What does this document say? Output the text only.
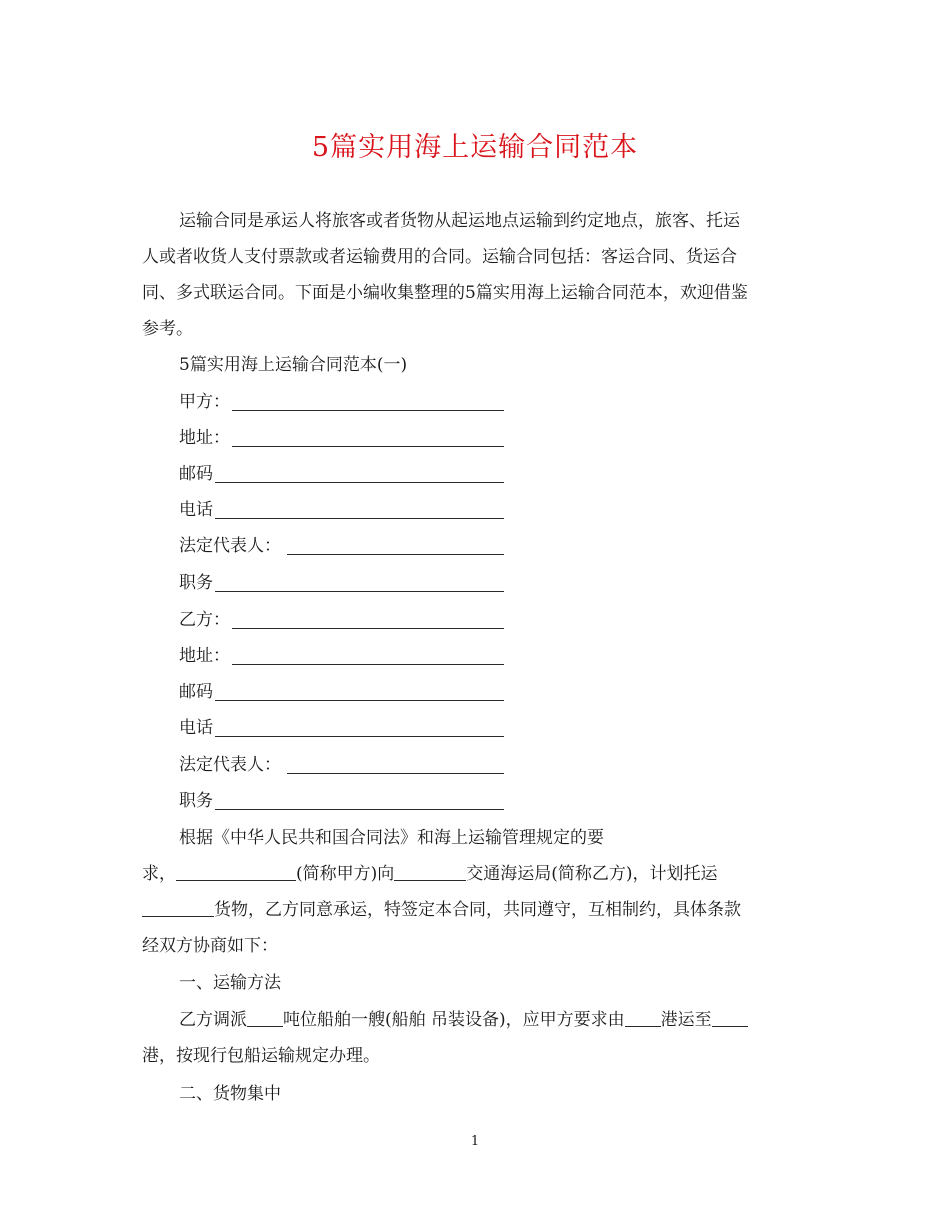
5篇实用海上运输合同范本
运输合同是承运人将旅客或者货物从起运地点运输到约定地点，旅客、托运
人或者收货人支付票款或者运输费用的合同。运输合同包括：客运合同、货运合
同、多式联运合同。下面是小编收集整理的5篇实用海上运输合同范本，欢迎借鉴
参考。
5篇实用海上运输合同范本(一)
甲方：
地址：
邮码
电话
法定代表人：
职务
乙方：
地址：
邮码
电话
法定代表人：
职务
根据《中华人民共和国合同法》和海上运输管理规定的要
求，	(简称甲方)向	交通海运局(简称乙方)，计划托运
货物，乙方同意承运，特签定本合同，共同遵守，互相制约，具体条款
经双方协商如下：
一、运输方法
乙方调派 吨位船舶一艘(船舶 吊装设备)，应甲方要求由 港运至
港，按现行包船运输规定办理。
二、货物集中
1
